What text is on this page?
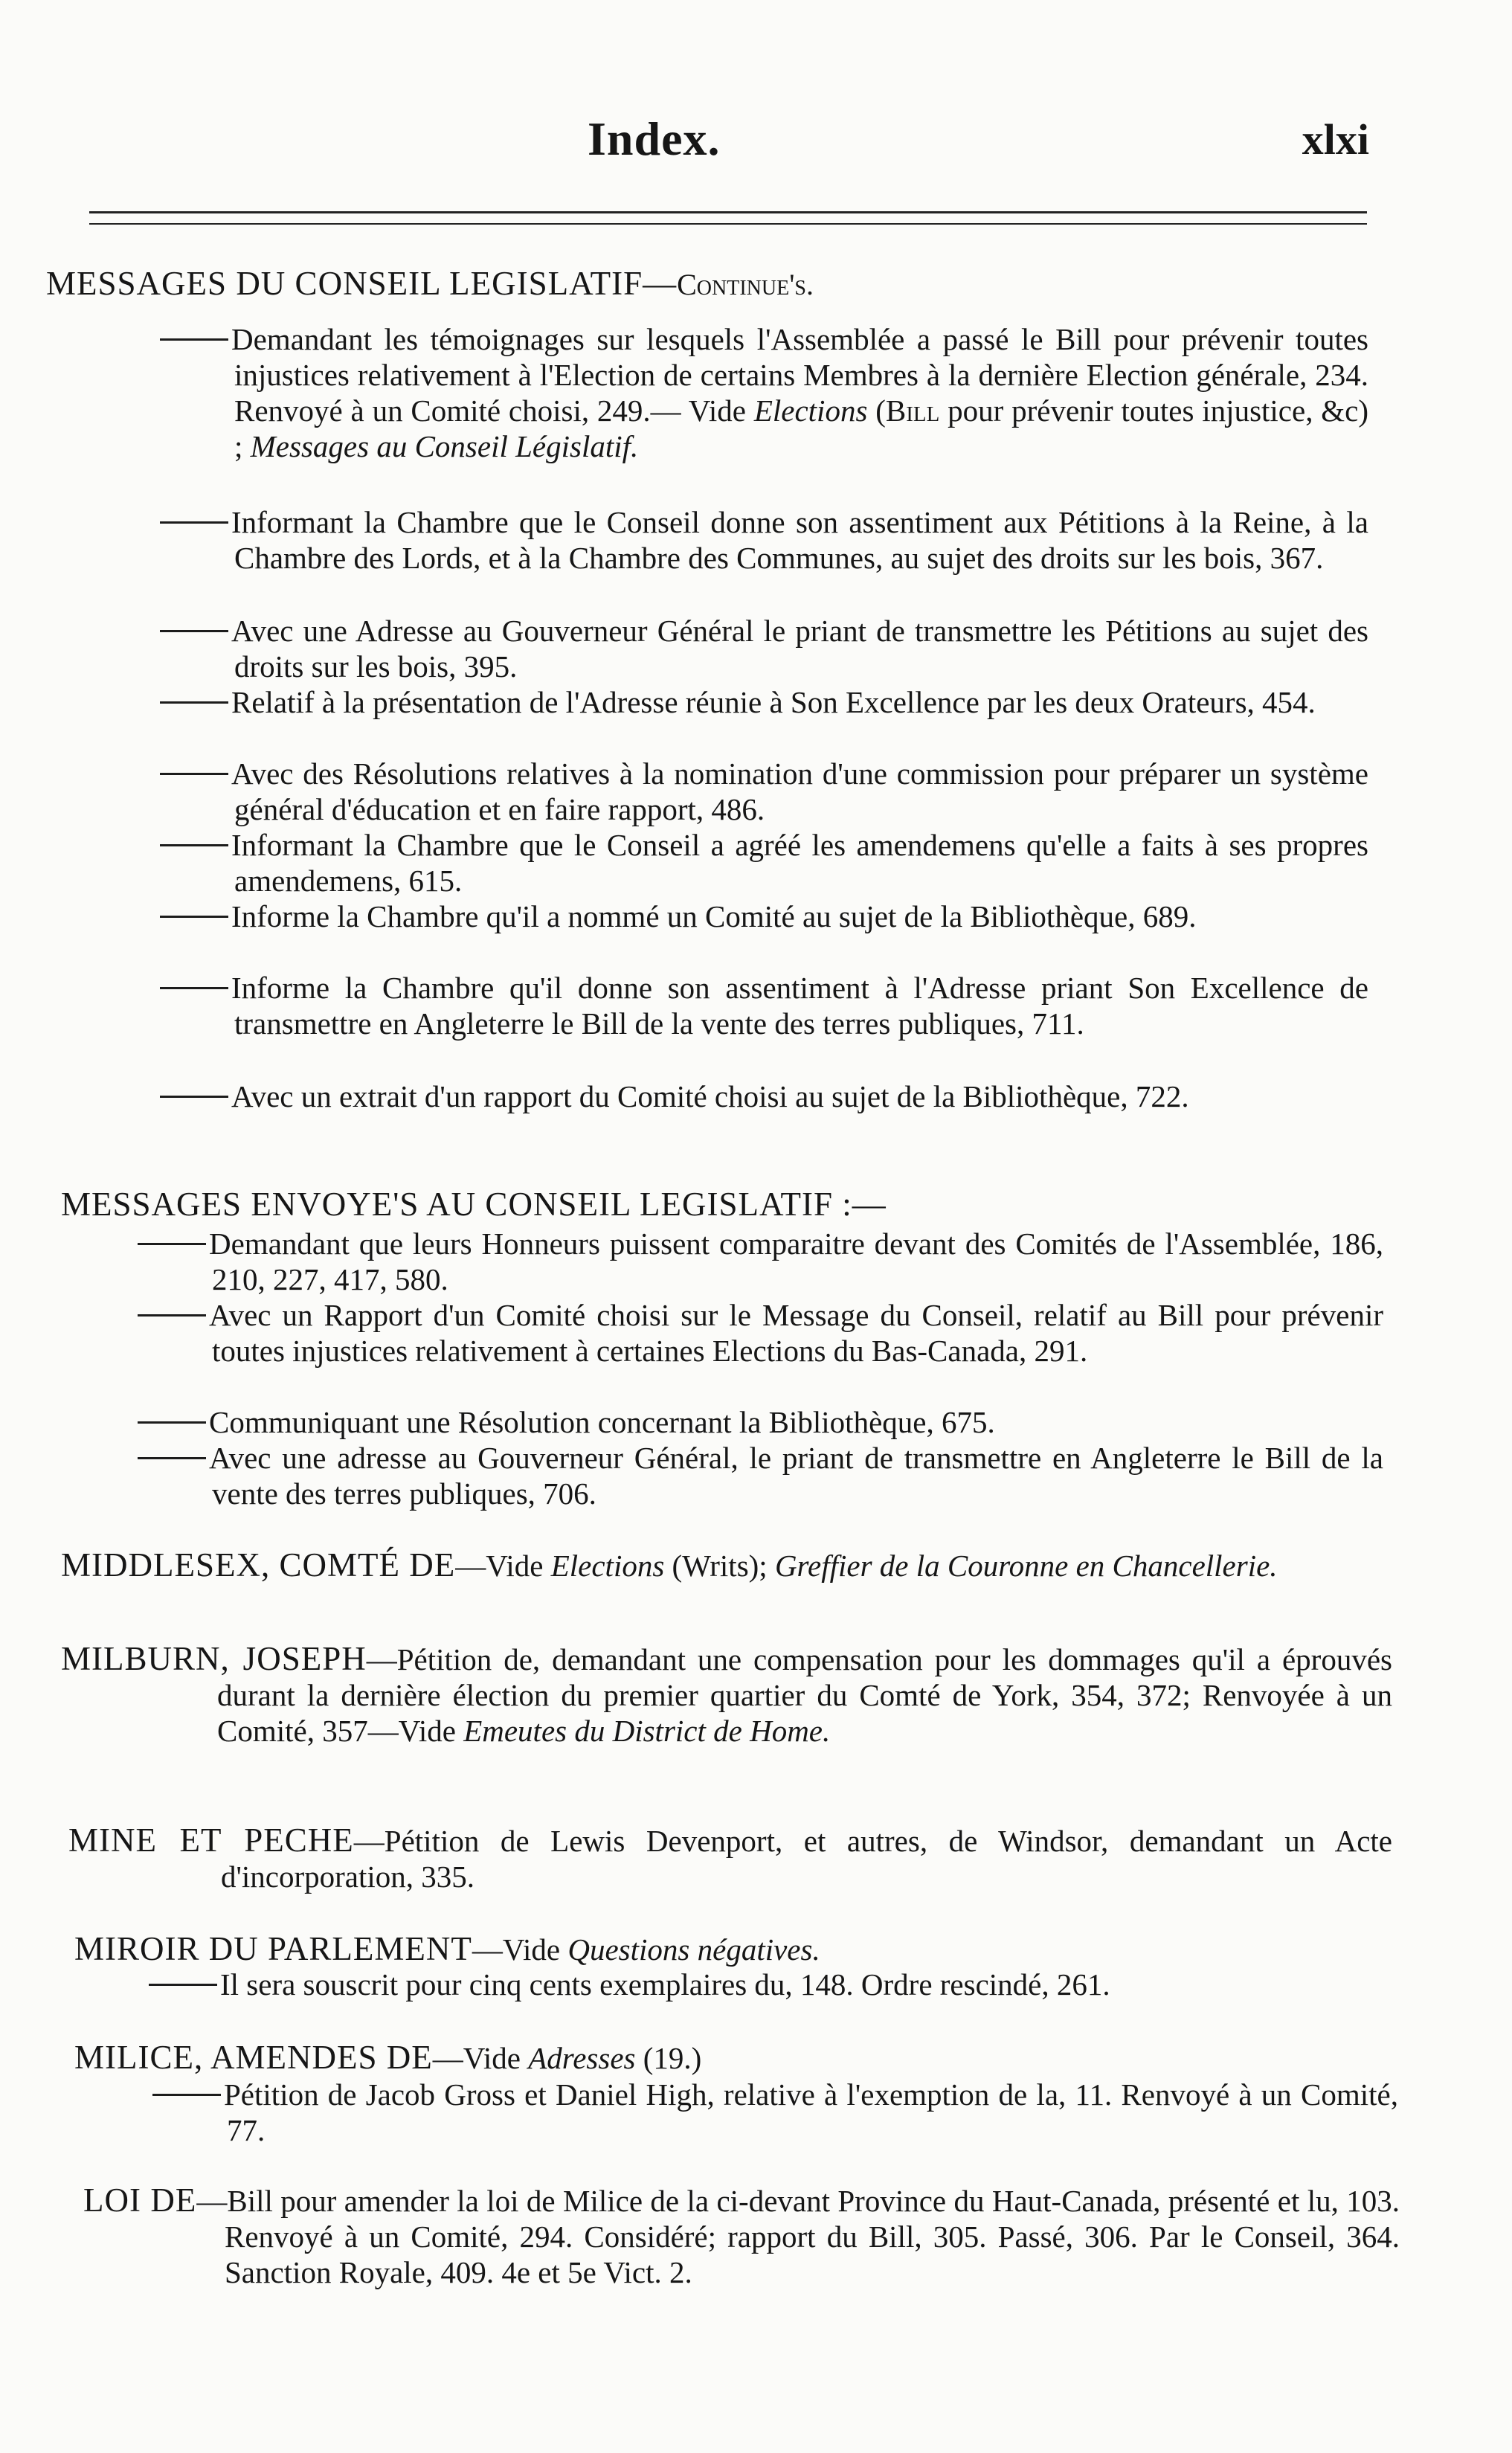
Index.	xlxi
MESSAGES DU CONSEIL LEGISLATIF—Continue's.
Demandant les témoignages sur lesquels l'Assemblée a passé le Bill pour prévenir toutes injustices relativement à l'Election de certains Membres à la dernière Election générale, 234. Renvoyé à un Comité choisi, 249.— Vide Elections (Bill pour prévenir toutes injustice, &c) ; Messages au Conseil Législatif.
Informant la Chambre que le Conseil donne son assentiment aux Pétitions à la Reine, à la Chambre des Lords, et à la Chambre des Communes, au sujet des droits sur les bois, 367.
Avec une Adresse au Gouverneur Général le priant de transmettre les Pétitions au sujet des droits sur les bois, 395.
Relatif à la présentation de l'Adresse réunie à Son Excellence par les deux Orateurs, 454.
Avec des Résolutions relatives à la nomination d'une commission pour préparer un système général d'éducation et en faire rapport, 486.
Informant la Chambre que le Conseil a agréé les amendemens qu'elle a faits à ses propres amendemens, 615.
Informe la Chambre qu'il a nommé un Comité au sujet de la Bibliothèque, 689.
Informe la Chambre qu'il donne son assentiment à l'Adresse priant Son Excellence de transmettre en Angleterre le Bill de la vente des terres publiques, 711.
Avec un extrait d'un rapport du Comité choisi au sujet de la Bibliothèque, 722.
MESSAGES ENVOYE'S AU CONSEIL LEGISLATIF :—
Demandant que leurs Honneurs puissent comparaitre devant des Comités de l'Assemblée, 186, 210, 227, 417, 580.
Avec un Rapport d'un Comité choisi sur le Message du Conseil, relatif au Bill pour prévenir toutes injustices relativement à certaines Elections du Bas-Canada, 291.
Communiquant une Résolution concernant la Bibliothèque, 675.
Avec une adresse au Gouverneur Général, le priant de transmettre en Angleterre le Bill de la vente des terres publiques, 706.
MIDDLESEX, COMTÉ DE—Vide Elections (Writs); Greffier de la Couronne en Chancellerie.
MILBURN, JOSEPH—Pétition de, demandant une compensation pour les dommages qu'il a éprouvés durant la dernière élection du premier quartier du Comté de York, 354, 372; Renvoyée à un Comité, 357—Vide Emeutes du District de Home.
MINE ET PECHE—Pétition de Lewis Devenport, et autres, de Windsor, demandant un Acte d'incorporation, 335.
MIROIR DU PARLEMENT—Vide Questions négatives.
Il sera souscrit pour cinq cents exemplaires du, 148. Ordre rescindé, 261.
MILICE, AMENDES DE—Vide Adresses (19.)
Pétition de Jacob Gross et Daniel High, relative à l'exemption de la, 11. Renvoyé à un Comité, 77.
LOI DE—Bill pour amender la loi de Milice de la ci-devant Province du Haut-Canada, présenté et lu, 103. Renvoyé à un Comité, 294. Considéré; rapport du Bill, 305. Passé, 306. Par le Conseil, 364. Sanction Royale, 409. 4e et 5e Vict. 2.
